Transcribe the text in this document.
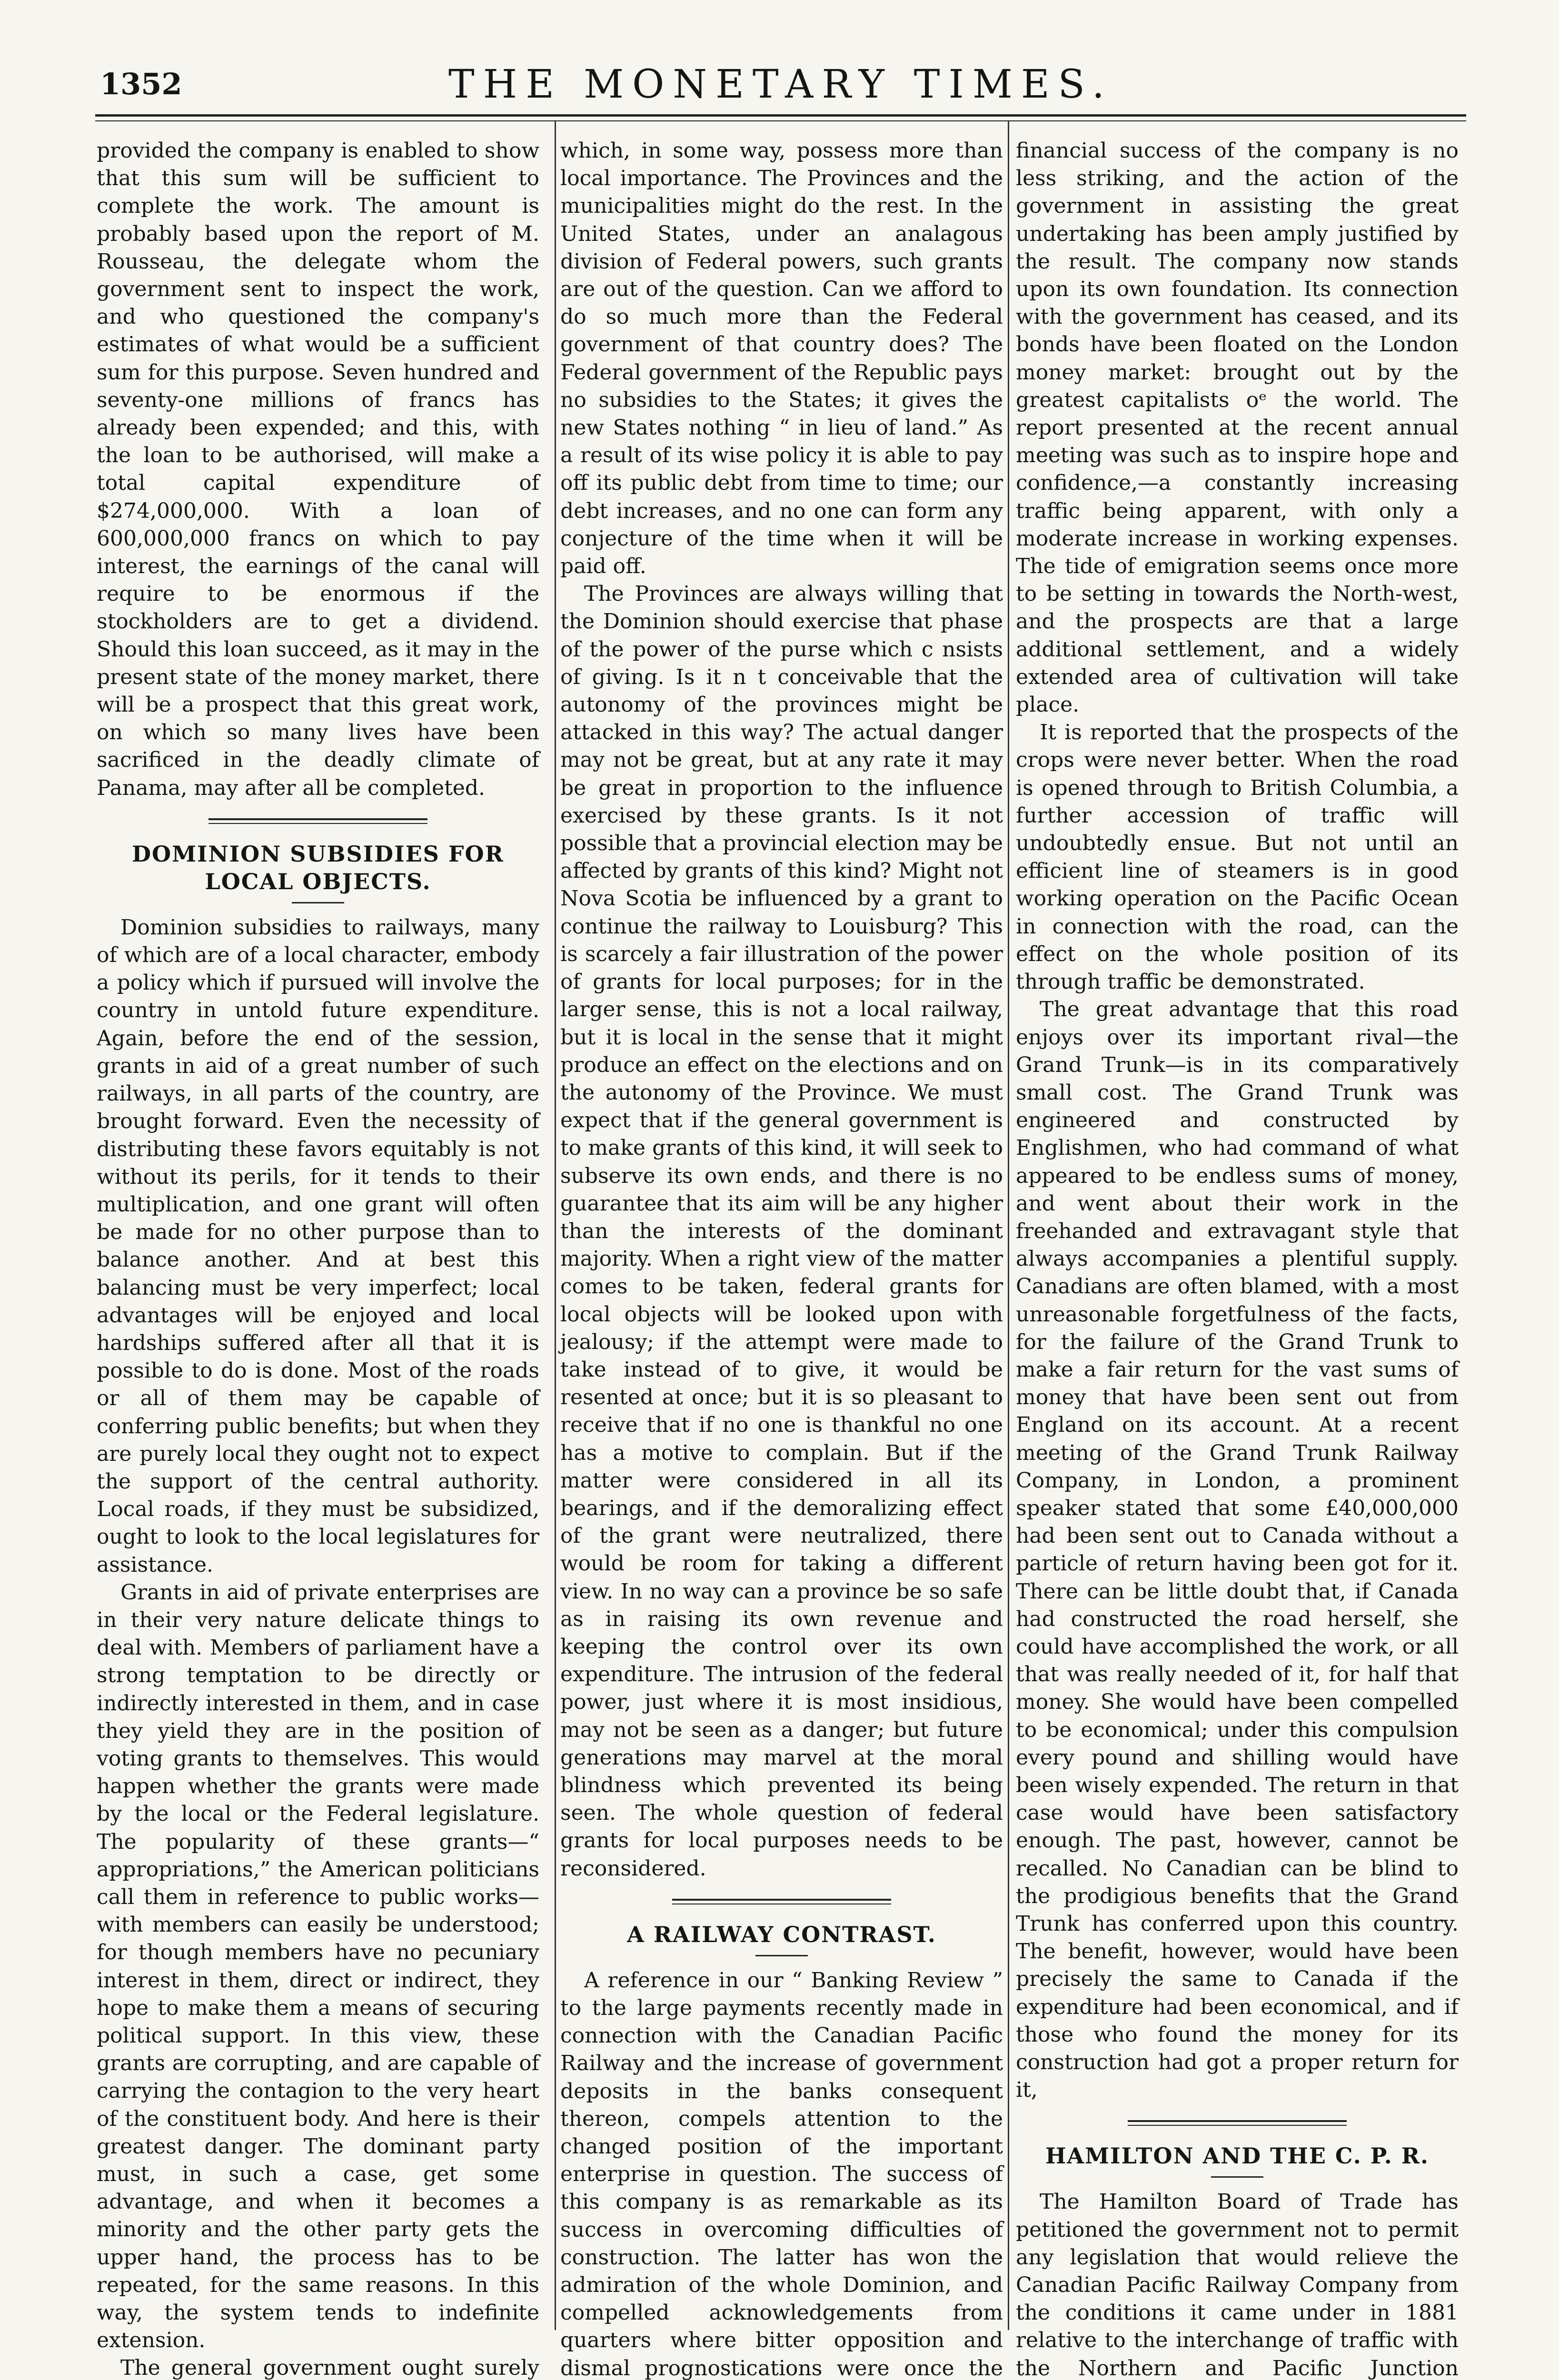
1352	THE MONETARY TIMES.

provided the company is enabled to show that this sum will be sufficient to complete the work. The amount is probably based upon the report of M. Rousseau, the delegate whom the government sent to inspect the work, and who questioned the company's estimates of what would be a sufficient sum for this purpose. Seven hundred and seventy-one millions of francs has already been expended; and this, with the loan to be authorised, will make a total capital expenditure of $274,000,000. With a loan of 600,000,000 francs on which to pay interest, the earnings of the canal will require to be enormous if the stockholders are to get a dividend. Should this loan succeed, as it may in the present state of the money market, there will be a prospect that this great work, on which so many lives have been sacrificed in the deadly climate of Panama, may after all be completed.

DOMINION SUBSIDIES FOR LOCAL OBJECTS.

Dominion subsidies to railways, many of which are of a local character, embody a policy which if pursued will involve the country in untold future expenditure. Again, before the end of the session, grants in aid of a great number of such railways, in all parts of the country, are brought forward. Even the necessity of distributing these favors equitably is not without its perils, for it tends to their multiplication, and one grant will often be made for no other purpose than to balance another. And at best this balancing must be very imperfect; local advantages will be enjoyed and local hardships suffered after all that it is possible to do is done. Most of the roads or all of them may be capable of conferring public benefits; but when they are purely local they ought not to expect the support of the central authority. Local roads, if they must be subsidized, ought to look to the local legislatures for assistance.

Grants in aid of private enterprises are in their very nature delicate things to deal with. Members of parliament have a strong temptation to be directly or indirectly interested in them, and in case they yield they are in the position of voting grants to themselves. This would happen whether the grants were made by the local or the Federal legislature. The popularity of these grants—“ appropriations,” the American politicians call them in reference to public works—with members can easily be understood; for though members have no pecuniary interest in them, direct or indirect, they hope to make them a means of securing political support. In this view, these grants are corrupting, and are capable of carrying the contagion to the very heart of the constituent body. And here is their greatest danger. The dominant party must, in such a case, get some advantage, and when it becomes a minority and the other party gets the upper hand, the process has to be repeated, for the same reasons. In this way, the system tends to indefinite extension.

The general government ought surely

which, in some way, possess more than local importance. The Provinces and the municipalities might do the rest. In the United States, under an analagous division of Federal powers, such grants are out of the question. Can we afford to do so much more than the Federal government of that country does? The Federal government of the Republic pays no subsidies to the States; it gives the new States nothing “ in lieu of land.” As a result of its wise policy it is able to pay off its public debt from time to time; our debt increases, and no one can form any conjecture of the time when it will be paid off.

The Provinces are always willing that the Dominion should exercise that phase of the power of the purse which c nsists of giving. Is it n t conceivable that the autonomy of the provinces might be attacked in this way? The actual danger may not be great, but at any rate it may be great in proportion to the influence exercised by these grants. Is it not possible that a provincial election may be affected by grants of this kind? Might not Nova Scotia be influenced by a grant to continue the railway to Louisburg? This is scarcely a fair illustration of the power of grants for local purposes; for in the larger sense, this is not a local railway, but it is local in the sense that it might produce an effect on the elections and on the autonomy of the Province. We must expect that if the general government is to make grants of this kind, it will seek to subserve its own ends, and there is no guarantee that its aim will be any higher than the interests of the dominant majority. When a right view of the matter comes to be taken, federal grants for local objects will be looked upon with jealousy; if the attempt were made to take instead of to give, it would be resented at once; but it is so pleasant to receive that if no one is thankful no one has a motive to complain. But if the matter were considered in all its bearings, and if the demoralizing effect of the grant were neutralized, there would be room for taking a different view. In no way can a province be so safe as in raising its own revenue and keeping the control over its own expenditure. The intrusion of the federal power, just where it is most insidious, may not be seen as a danger; but future generations may marvel at the moral blindness which prevented its being seen. The whole question of federal grants for local purposes needs to be reconsidered.

A RAILWAY CONTRAST.

A reference in our “ Banking Review ” to the large payments recently made in connection with the Canadian Pacific Railway and the increase of government deposits in the banks consequent thereon, compels attention to the changed position of the important enterprise in question. The success of this company is as remarkable as its success in overcoming difficulties of construction. The latter has won the admiration of the whole Dominion, and compelled acknowledgements from quarters where bitter opposition and dismal prognostications were once the

financial success of the company is no less striking, and the action of the government in assisting the great undertaking has been amply justified by the result. The company now stands upon its own foundation. Its connection with the government has ceased, and its bonds have been floated on the London money market: brought out by the greatest capitalists oᵉ the world. The report presented at the recent annual meeting was such as to inspire hope and confidence,—a constantly increasing traffic being apparent, with only a moderate increase in working expenses. The tide of emigration seems once more to be setting in towards the North-west, and the prospects are that a large additional settlement, and a widely extended area of cultivation will take place.

It is reported that the prospects of the crops were never better. When the road is opened through to British Columbia, a further accession of traffic will undoubtedly ensue. But not until an efficient line of steamers is in good working operation on the Pacific Ocean in connection with the road, can the effect on the whole position of its through traffic be demonstrated.

The great advantage that this road enjoys over its important rival—the Grand Trunk—is in its comparatively small cost. The Grand Trunk was engineered and constructed by Englishmen, who had command of what appeared to be endless sums of money, and went about their work in the freehanded and extravagant style that always accompanies a plentiful supply. Canadians are often blamed, with a most unreasonable forgetfulness of the facts, for the failure of the Grand Trunk to make a fair return for the vast sums of money that have been sent out from England on its account. At a recent meeting of the Grand Trunk Railway Company, in London, a prominent speaker stated that some £40,000,000 had been sent out to Canada without a particle of return having been got for it. There can be little doubt that, if Canada had constructed the road herself, she could have accomplished the work, or all that was really needed of it, for half that money. She would have been compelled to be economical; under this compulsion every pound and shilling would have been wisely expended. The return in that case would have been satisfactory enough. The past, however, cannot be recalled. No Canadian can be blind to the prodigious benefits that the Grand Trunk has conferred upon this country. The benefit, however, would have been precisely the same to Canada if the expenditure had been economical, and if those who found the money for its construction had got a proper return for it,

HAMILTON AND THE C. P. R.

The Hamilton Board of Trade has petitioned the government not to permit any legislation that would relieve the Canadian Pacific Railway Company from the conditions it came under in 1881 relative to the interchange of traffic with the Northern and Pacific Junction
